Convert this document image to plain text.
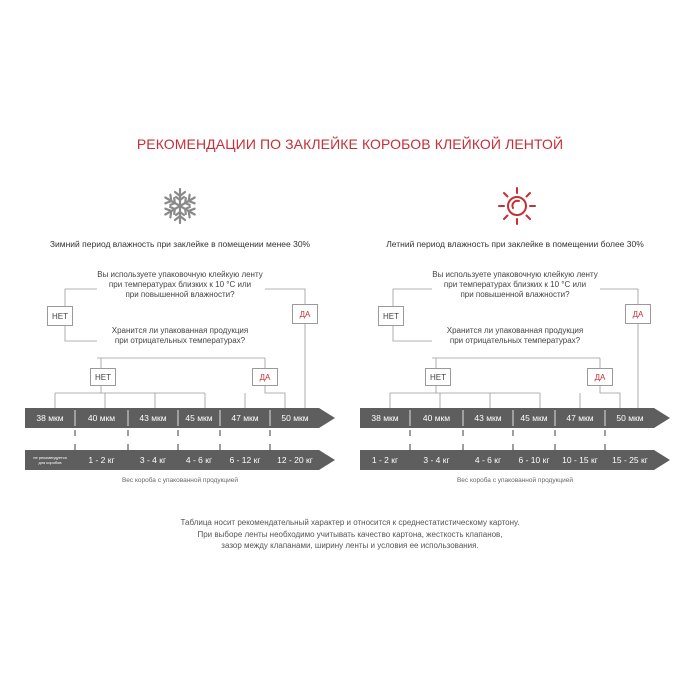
РЕКОМЕНДАЦИИ ПО ЗАКЛЕЙКЕ КОРОБОВ КЛЕЙКОЙ ЛЕНТОЙ
Зимний период влажность при заклейке в помещении менее 30%
Вы используете упаковочную клейкую ленту
при температурах близких к 10 °С или
при повышенной влажности?
НЕТ	ДА
Хранится ли упакованная продукция
при отрицательных температурах?
НЕТ	ДА
38 мкм	40 мкм	43 мкм	45 мкм	47 мкм	50 мкм
не рекомендуется
для коробов	1 - 2 кг	3 - 4 кг	4 - 6 кг	6 - 12 кг	12 - 20 кг
Вес короба с упакованной продукцией
Летний период влажность при заклейке в помещении более 30%
Вы используете упаковочную клейкую ленту
при температурах близких к 10 °С или
при повышенной влажности?
НЕТ	ДА
Хранится ли упакованная продукция
при отрицательных температурах?
НЕТ	ДА
38 мкм	40 мкм	43 мкм	45 мкм	47 мкм	50 мкм
1 - 2 кг	3 - 4 кг	4 - 6 кг	6 - 10 кг	10 - 15 кг	15 - 25 кг
Вес короба с упакованной продукцией
Таблица носит рекомендательный характер и относится к среднестатистическому картону.
При выборе ленты необходимо учитывать качество картона, жесткость клапанов,
зазор между клапанами, ширину ленты и условия ее использования.
